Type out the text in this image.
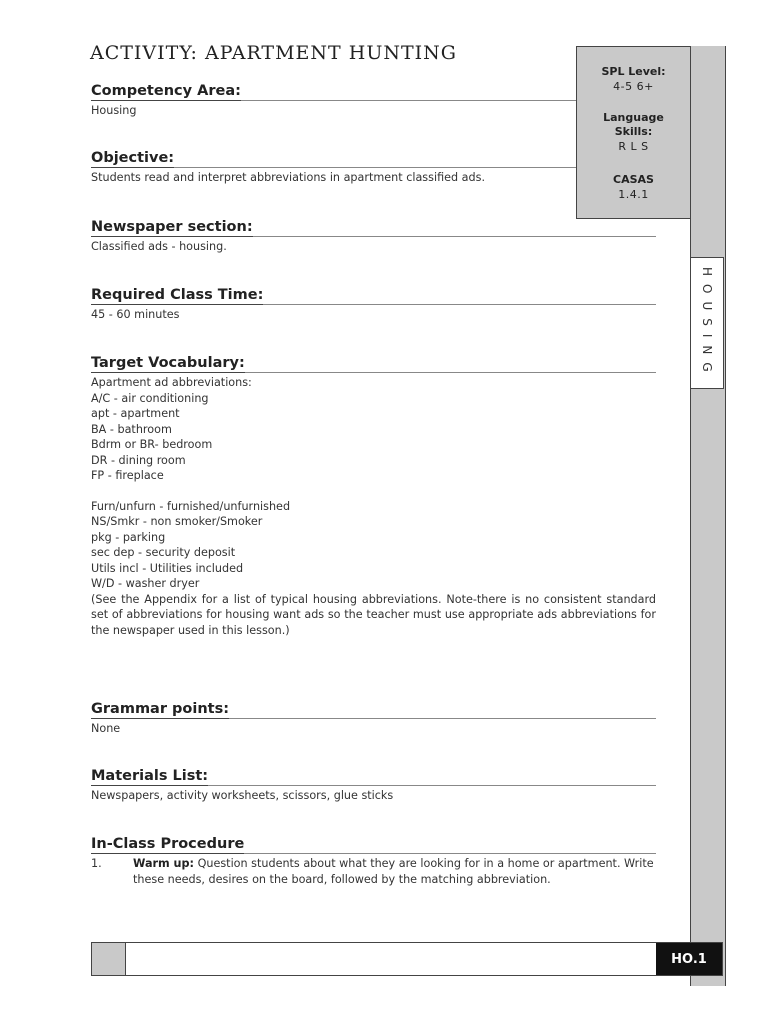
ACTIVITY: APARTMENT HUNTING
SPL Level:
4-5 6+
Language
Skills:
R L S
CASAS
1.4.1
HOUSING
Competency Area:

Housing

Objective:

Students read and interpret abbreviations in apartment classified ads.

Newspaper section:

Classified ads - housing.

Required Class Time:

45 - 60 minutes

Target Vocabulary:

Apartment ad abbreviations:

A/C - air conditioning
apt - apartment
BA - bathroom
Bdrm or BR- bedroom
DR - dining room
FP - fireplace
Furn/unfurn - furnished/unfurnished
NS/Smkr - non smoker/Smoker
pkg - parking
sec dep - security deposit
Utils incl - Utilities included
W/D - washer dryer

(See the Appendix for a list of typical housing abbreviations. Note-there is no consistent standard set of abbreviations for housing want ads so the teacher must use appropriate ads abbreviations for the newspaper used in this lesson.)

Grammar points:

None

Materials List:

Newspapers, activity worksheets, scissors, glue sticks

In-Class Procedure
1.	Warm up: Question students about what they are looking for in a home or apartment. Write these needs, desires on the board, followed by the matching abbreviation.
HO.1
